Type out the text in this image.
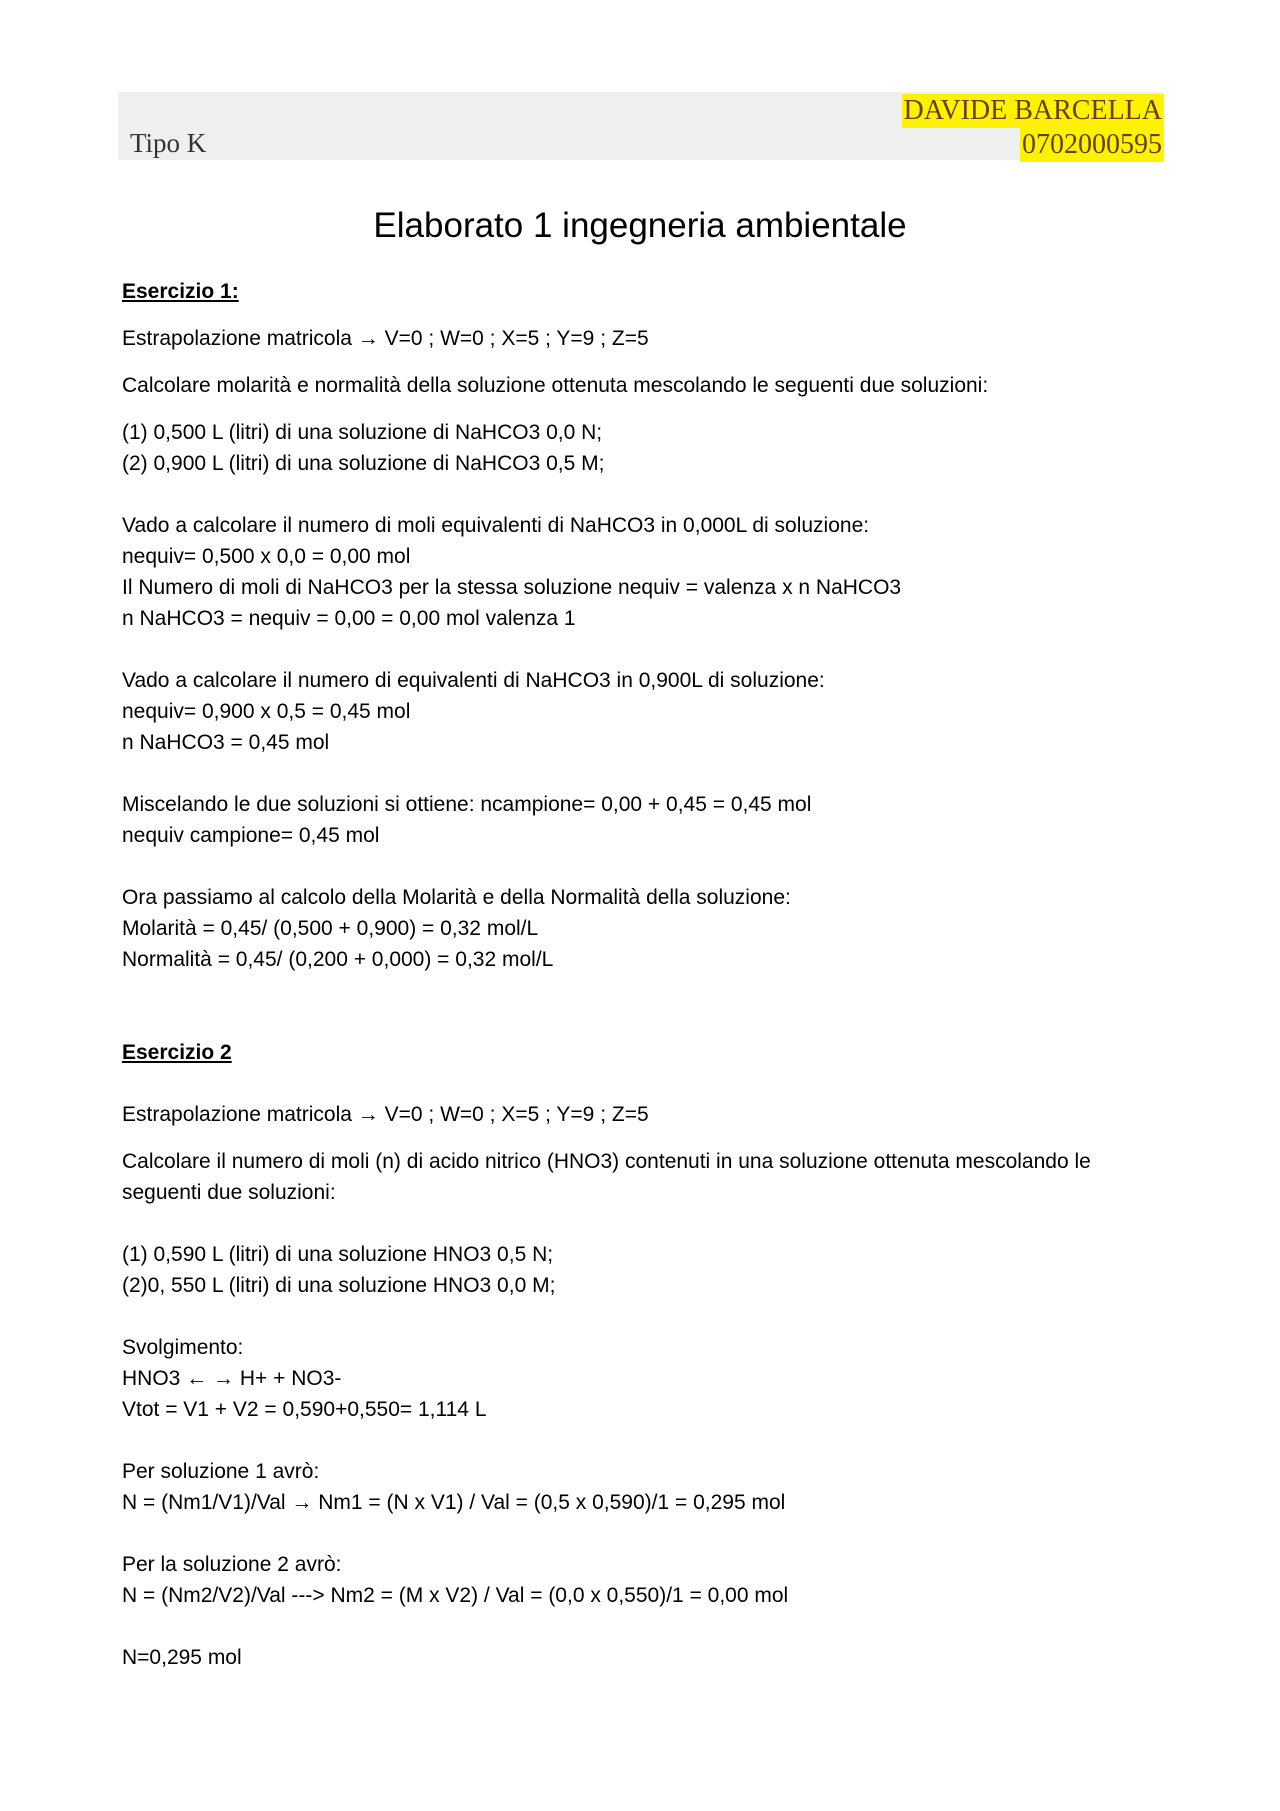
Tipo K
DAVIDE BARCELLA
0702000595
Elaborato 1 ingegneria ambientale

Esercizio 1:

Estrapolazione matricola → V=0 ; W=0 ; X=5 ; Y=9 ; Z=5

Calcolare molarità e normalità della soluzione ottenuta mescolando le seguenti due soluzioni:

(1) 0,500 L (litri) di una soluzione di NaHCO3 0,0 N;

(2) 0,900 L (litri) di una soluzione di NaHCO3 0,5 M;

Vado a calcolare il numero di moli equivalenti di NaHCO3 in 0,000L di soluzione:

nequiv= 0,500 x 0,0 = 0,00 mol

Il Numero di moli di NaHCO3 per la stessa soluzione nequiv = valenza x n NaHCO3

n NaHCO3 = nequiv = 0,00 = 0,00 mol valenza 1

Vado a calcolare il numero di equivalenti di NaHCO3 in 0,900L di soluzione:

nequiv= 0,900 x 0,5 = 0,45 mol

n NaHCO3 = 0,45 mol

Miscelando le due soluzioni si ottiene: ncampione= 0,00 + 0,45 = 0,45 mol

nequiv campione= 0,45 mol

Ora passiamo al calcolo della Molarità e della Normalità della soluzione:

Molarità = 0,45/ (0,500 + 0,900) = 0,32 mol/L

Normalità = 0,45/ (0,200 + 0,000) = 0,32 mol/L

Esercizio 2

Estrapolazione matricola → V=0 ; W=0 ; X=5 ; Y=9 ; Z=5

Calcolare il numero di moli (n) di acido nitrico (HNO3) contenuti in una soluzione ottenuta mescolando le

seguenti due soluzioni:

(1) 0,590 L (litri) di una soluzione HNO3 0,5 N;

(2)0, 550 L (litri) di una soluzione HNO3 0,0 M;

Svolgimento:

HNO3 ← → H+ + NO3-

Vtot = V1 + V2 = 0,590+0,550= 1,114 L

Per soluzione 1 avrò:

N = (Nm1/V1)/Val → Nm1 = (N x V1) / Val = (0,5 x 0,590)/1 = 0,295 mol

Per la soluzione 2 avrò:

N = (Nm2/V2)/Val ---> Nm2 = (M x V2) / Val = (0,0 x 0,550)/1 = 0,00 mol

N=0,295 mol
